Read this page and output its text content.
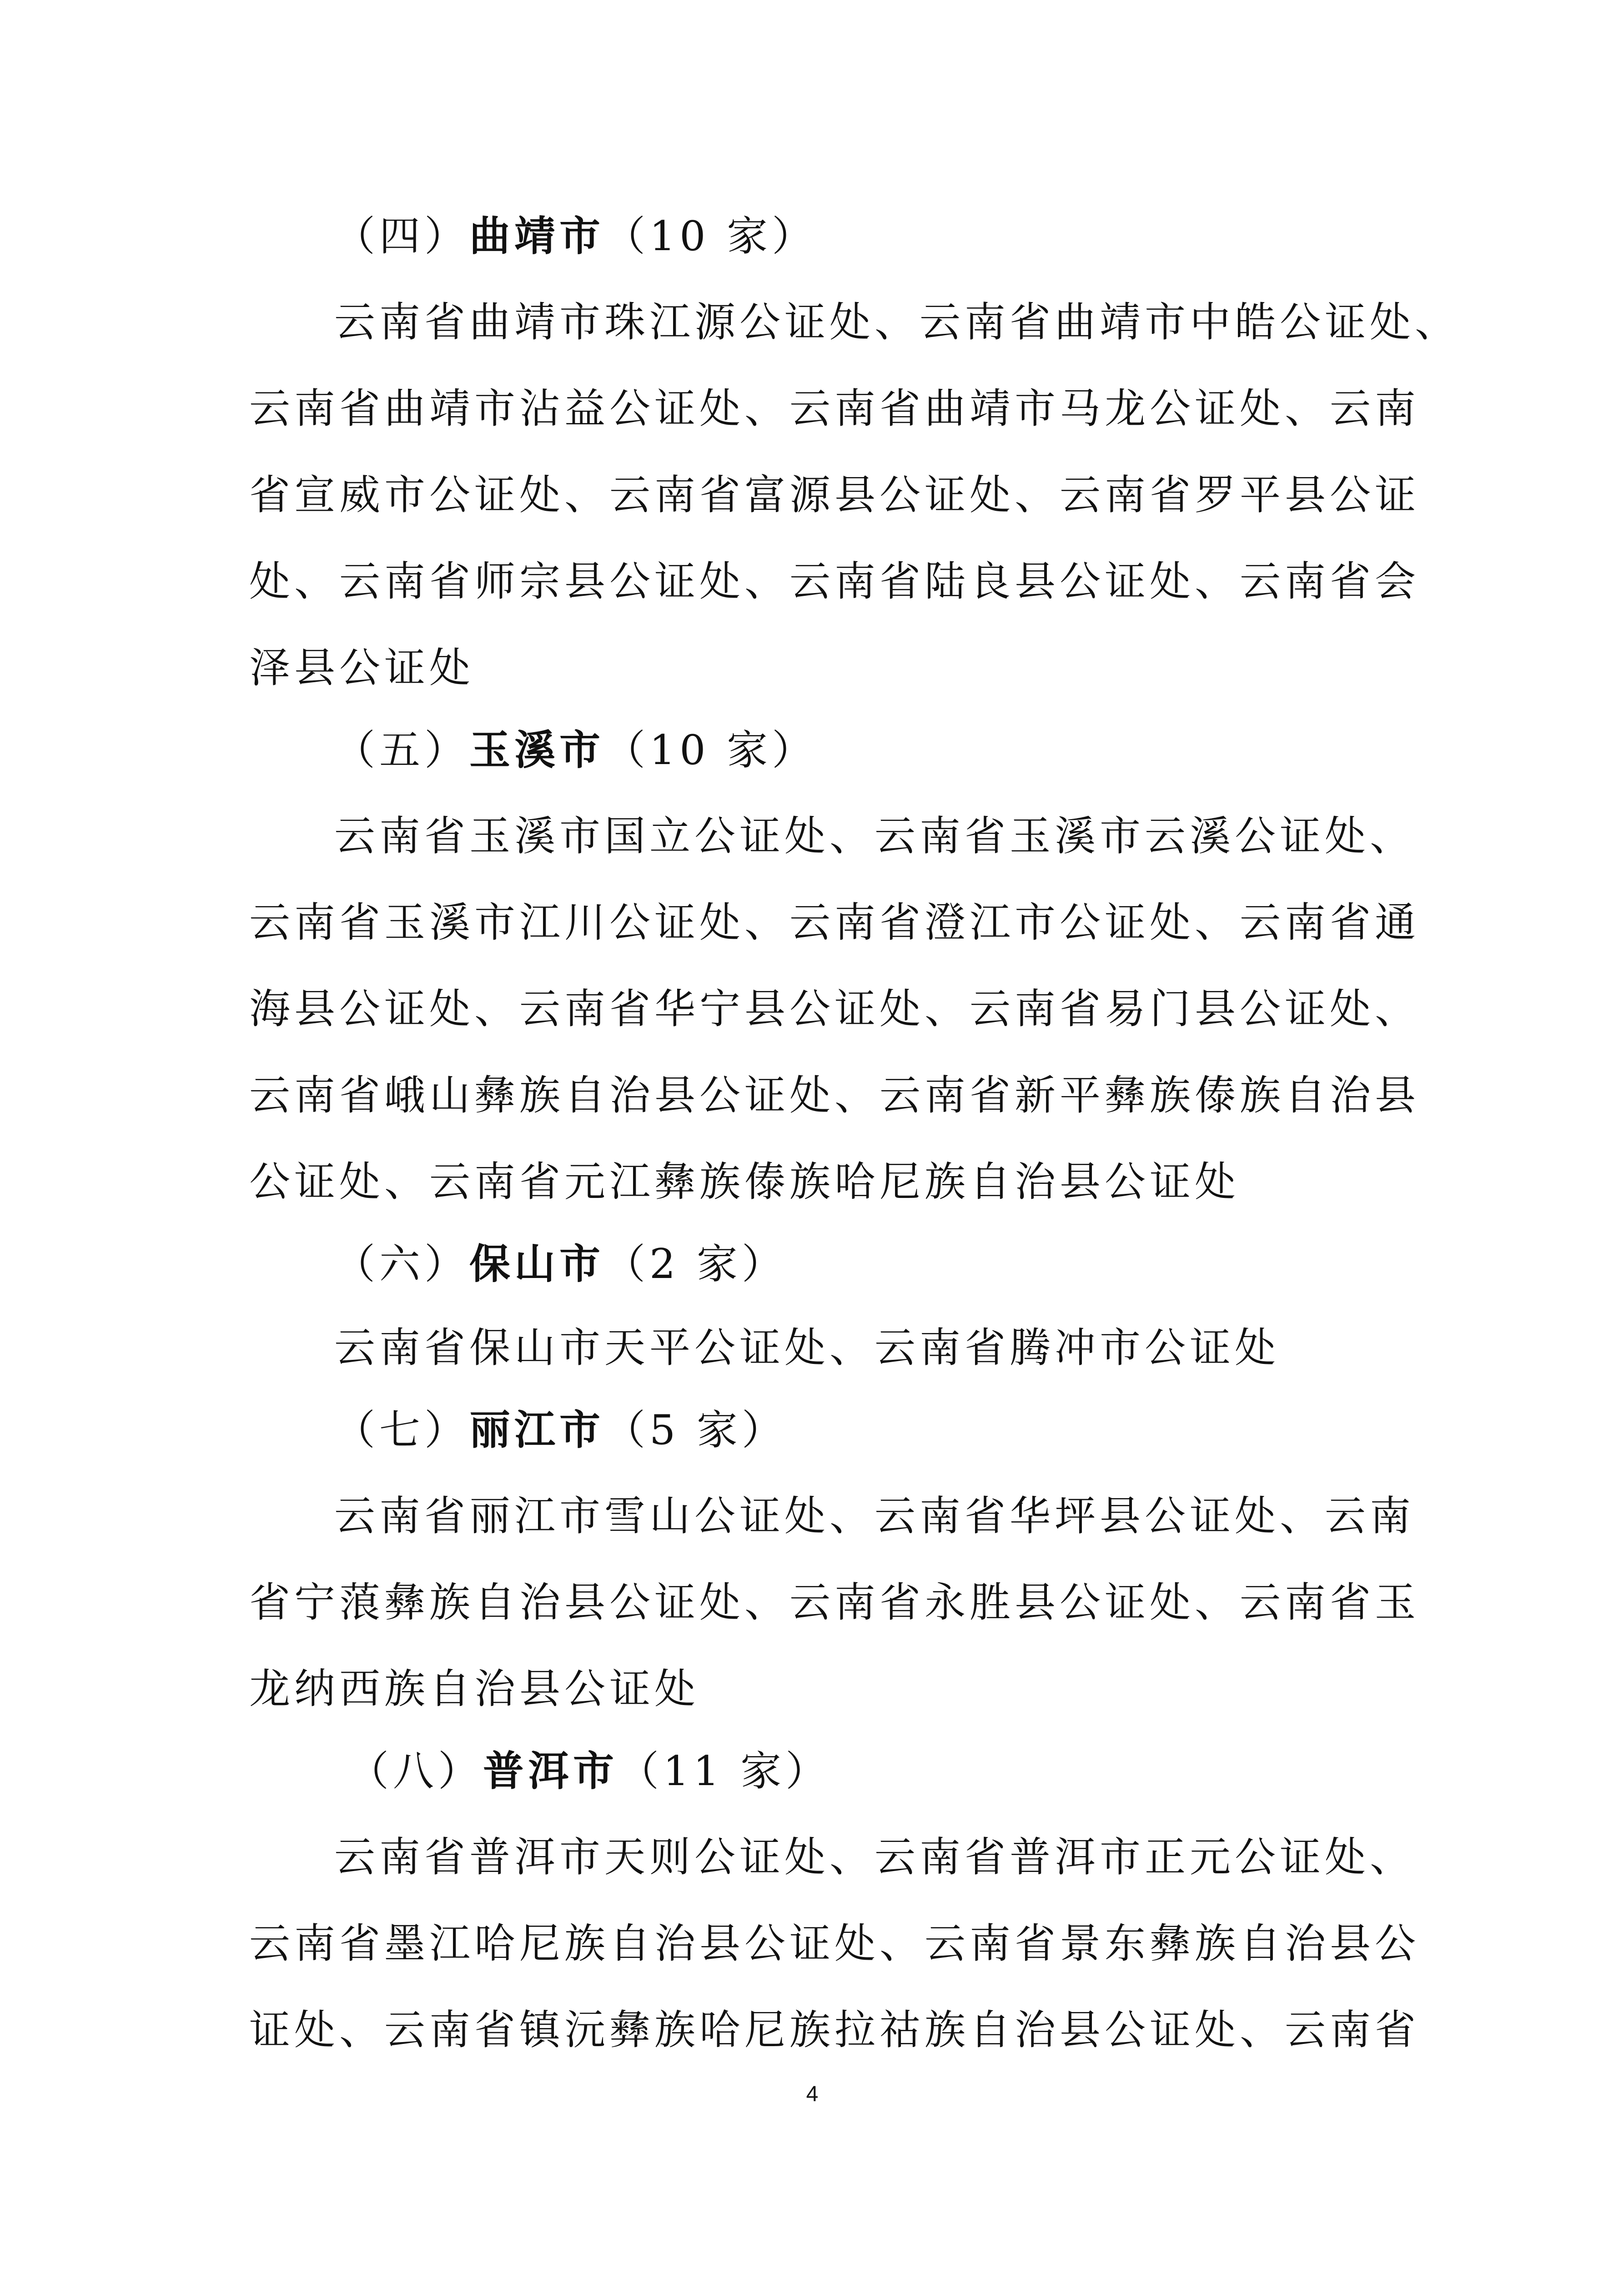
（四）曲靖市（10 家）
云南省曲靖市珠江源公证处、云南省曲靖市中皓公证处、
云南省曲靖市沾益公证处、云南省曲靖市马龙公证处、云南
省宣威市公证处、云南省富源县公证处、云南省罗平县公证
处、云南省师宗县公证处、云南省陆良县公证处、云南省会
泽县公证处
（五）玉溪市（10 家）
云南省玉溪市国立公证处、云南省玉溪市云溪公证处、
云南省玉溪市江川公证处、云南省澄江市公证处、云南省通
海县公证处、云南省华宁县公证处、云南省易门县公证处、
云南省峨山彝族自治县公证处、云南省新平彝族傣族自治县
公证处、云南省元江彝族傣族哈尼族自治县公证处
（六）保山市（2 家）
云南省保山市天平公证处、云南省腾冲市公证处
（七）丽江市（5 家）
云南省丽江市雪山公证处、云南省华坪县公证处、云南
省宁蒗彝族自治县公证处、云南省永胜县公证处、云南省玉
龙纳西族自治县公证处
（八）普洱市（11 家）
云南省普洱市天则公证处、云南省普洱市正元公证处、
云南省墨江哈尼族自治县公证处、云南省景东彝族自治县公
证处、云南省镇沅彝族哈尼族拉祜族自治县公证处、云南省
4
